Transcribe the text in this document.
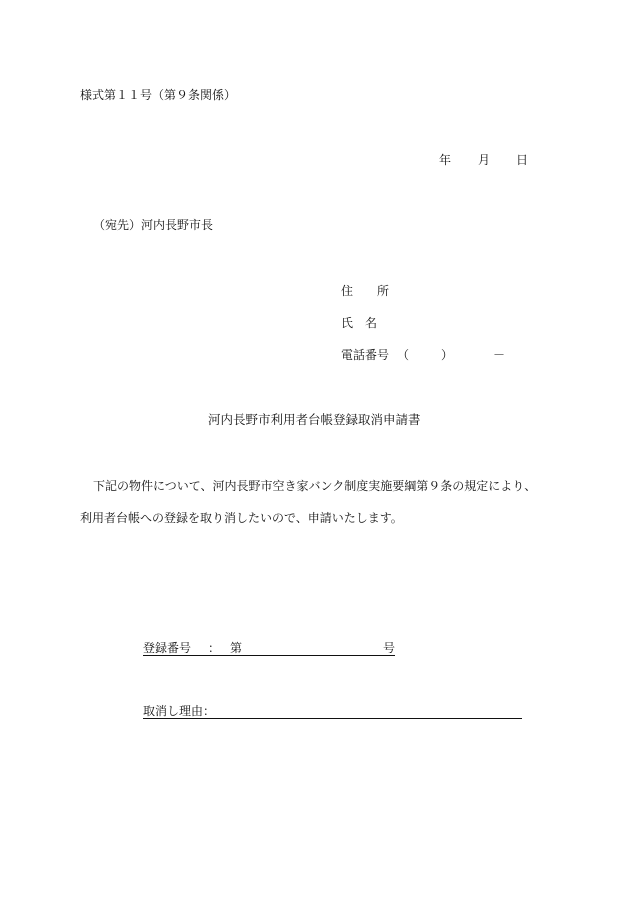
様式第１１号（第９条関係）
年 月 日
（宛先）河内長野市長
住 所
氏 名
電話番号 （	）	－
河内長野市利用者台帳登録取消申請書
下記の物件について、河内長野市空き家バンク制度実施要綱第９条の規定により、
利用者台帳への登録を取り消したいので、申請いたします。
登録番号 ： 第	号
取消し理由：
